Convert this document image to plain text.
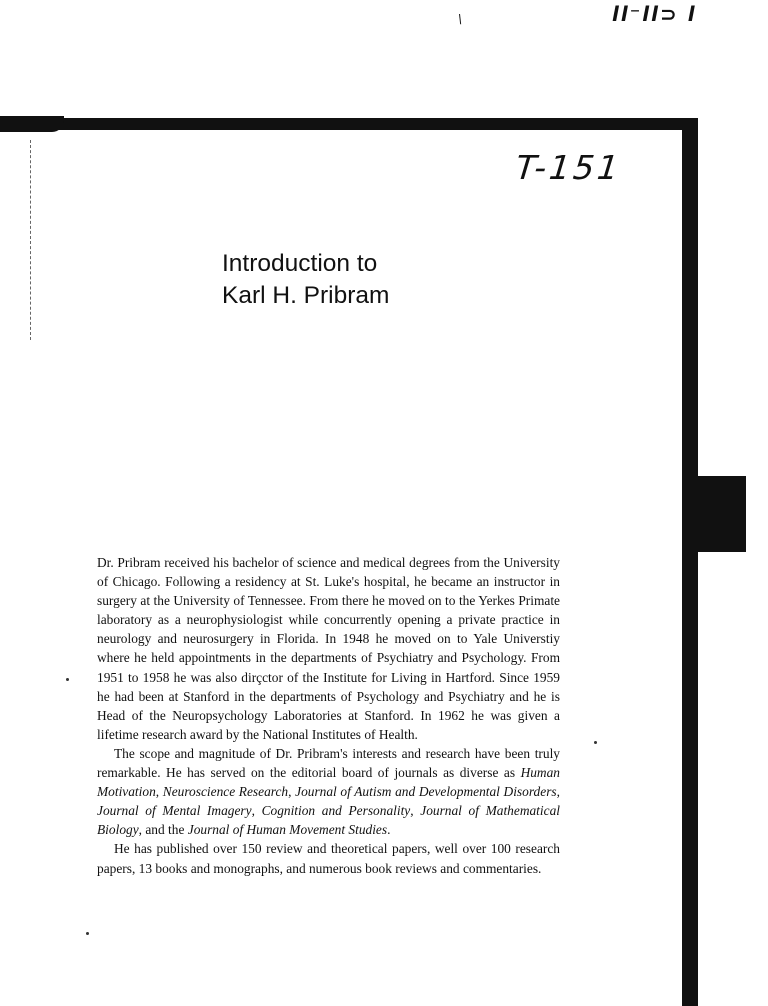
\	ll⁻ll⊃ l
T-151
Introduction to
Karl H. Pribram

Dr. Pribram received his bachelor of science and medical degrees from the University of Chicago. Following a residency at St. Luke's hospital, he became an instructor in surgery at the University of Tennessee. From there he moved on to the Yerkes Primate laboratory as a neurophysiologist while concurrently opening a private practice in neurology and neurosurgery in Florida. In 1948 he moved on to Yale Universtiy where he held appointments in the departments of Psychiatry and Psychology. From 1951 to 1958 he was also dirçctor of the Institute for Living in Hartford. Since 1959 he had been at Stanford in the departments of Psychology and Psychiatry and he is Head of the Neuropsychology Laboratories at Stanford. In 1962 he was given a lifetime research award by the National Institutes of Health.

The scope and magnitude of Dr. Pribram's interests and research have been truly remarkable. He has served on the editorial board of journals as diverse as Human Motivation, Neuroscience Research, Journal of Autism and Developmental Disorders, Journal of Mental Imagery, Cognition and Personality, Journal of Mathematical Biology, and the Journal of Human Movement Studies.

He has published over 150 review and theoretical papers, well over 100 research papers, 13 books and monographs, and numerous book reviews and commentaries.
